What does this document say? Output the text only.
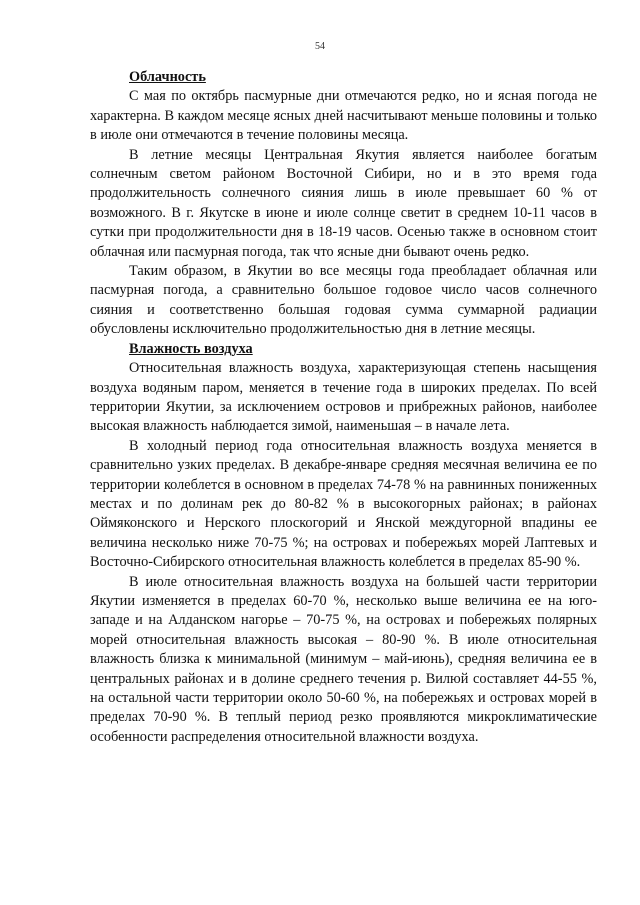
54
Облачность

С мая по октябрь пасмурные дни отмечаются редко, но и ясная погода не характерна. В каждом месяце ясных дней насчитывают меньше половины и только в июле они отмечаются в течение половины месяца.

В летние месяцы Центральная Якутия является наиболее богатым солнечным светом районом Восточной Сибири, но и в это время года продолжительность солнечного сияния лишь в июле превышает 60 % от возможного. В г. Якутске в июне и июле солнце светит в среднем 10-11 часов в сутки при продолжительности дня в 18-19 часов. Осенью также в основном стоит облачная или пасмурная погода, так что ясные дни бывают очень редко.

Таким образом, в Якутии во все месяцы года преобладает облачная или пасмурная погода, а сравнительно большое годовое число часов солнечного сияния и соответственно большая годовая сумма суммарной радиации обусловлены исключительно продолжительностью дня в летние месяцы.

Влажность воздуха

Относительная влажность воздуха, характеризующая степень насыщения воздуха водяным паром, меняется в течение года в широких пределах. По всей территории Якутии, за исключением островов и прибрежных районов, наиболее высокая влажность наблюдается зимой, наименьшая – в начале лета.

В холодный период года относительная влажность воздуха меняется в сравнительно узких пределах. В декабре-январе средняя месячная величина ее по территории колеблется в основном в пределах 74-78 % на равнинных пониженных местах и по долинам рек до 80-82 % в высокогорных районах; в районах Оймяконского и Нерского плоскогорий и Янской междугорной впадины ее величина несколько ниже 70-75 %; на островах и побережьях морей Лаптевых и Восточно-Сибирского относительная влажность колеблется в пределах 85-90 %.

В июле относительная влажность воздуха на большей части территории Якутии изменяется в пределах 60-70 %, несколько выше величина ее на юго-западе и на Алданском нагорье – 70-75 %, на островах и побережьях полярных морей относительная влажность высокая – 80-90 %. В июле относительная влажность близка к минимальной (минимум – май-июнь), средняя величина ее в центральных районах и в долине среднего течения р. Вилюй составляет 44-55 %, на остальной части территории около 50-60 %, на побережьях и островах морей в пределах 70-90 %. В теплый период резко проявляются микроклиматические особенности распределения относительной влажности воздуха.
